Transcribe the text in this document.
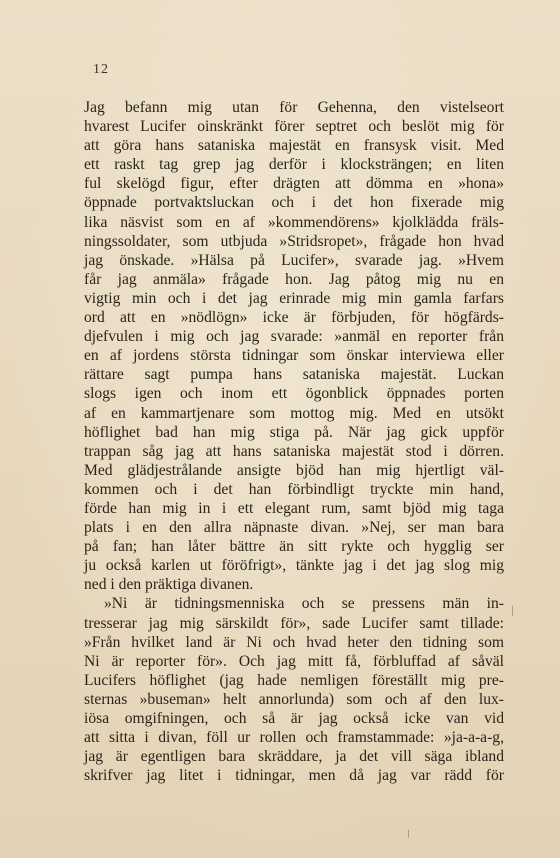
12
Jag befann mig utan för Gehenna, den vistelseort
hvarest Lucifer oinskränkt förer septret och beslöt mig för
att göra hans sataniska majestät en fransysk visit. Med
ett raskt tag grep jag derför i klocksträngen; en liten
ful skelögd figur, efter drägten att dömma en »hona»
öppnade portvaktsluckan och i det hon fixerade mig
lika näsvist som en af »kommendörens» kjolklädda fräls-
ningssoldater, som utbjuda »Stridsropet», frågade hon hvad
jag önskade. »Hälsa på Lucifer», svarade jag. »Hvem
får jag anmäla» frågade hon. Jag påtog mig nu en
vigtig min och i det jag erinrade mig min gamla farfars
ord att en »nödlögn» icke är förbjuden, för högfärds-
djefvulen i mig och jag svarade: »anmäl en reporter från
en af jordens största tidningar som önskar interviewa eller
rättare sagt pumpa hans sataniska majestät. Luckan
slogs igen och inom ett ögonblick öppnades porten
af en kammartjenare som mottog mig. Med en utsökt
höflighet bad han mig stiga på. När jag gick uppför
trappan såg jag att hans sataniska majestät stod i dörren.
Med glädjestrålande ansigte bjöd han mig hjertligt väl-
kommen och i det han förbindligt tryckte min hand,
förde han mig in i ett elegant rum, samt bjöd mig taga
plats i en den allra näpnaste divan. »Nej, ser man bara
på fan; han låter bättre än sitt rykte och hygglig ser
ju också karlen ut föröfrigt», tänkte jag i det jag slog mig
ned i den präktiga divanen.
»Ni är tidningsmenniska och se pressens män in-
tresserar jag mig särskildt för», sade Lucifer samt tillade:
»Från hvilket land är Ni och hvad heter den tidning som
Ni är reporter för». Och jag mitt få, förbluffad af såväl
Lucifers höflighet (jag hade nemligen föreställt mig pre-
sternas »buseman» helt annorlunda) som och af den lux-
iösa omgifningen, och så är jag också icke van vid
att sitta i divan, föll ur rollen och framstammade: »ja-a-a-g,
jag är egentligen bara skräddare, ja det vill säga ibland
skrifver jag litet i tidningar, men då jag var rädd för
